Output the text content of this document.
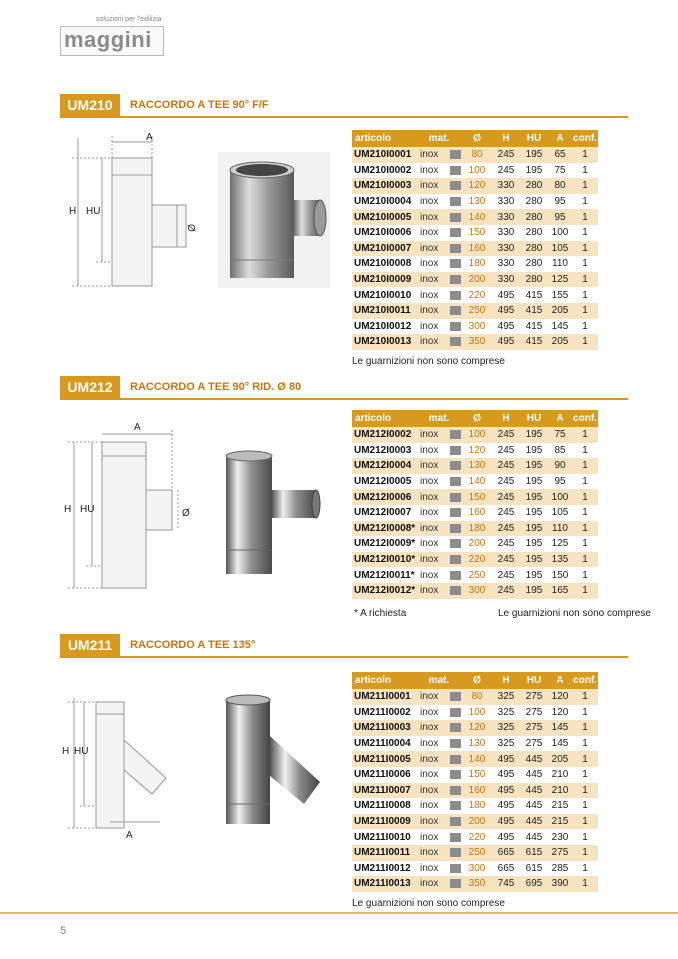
soluzioni per l'edilizia
maggini
UM210	RACCORDO A TEE 90° F/F
A
H HU
Ø
articolo	mat.	Ø	H	HU	A	conf.
UM210I0001	inox	80	245	195	65	1
UM210I0002	inox	100	245	195	75	1
UM210I0003	inox	120	330	280	80	1
UM210I0004	inox	130	330	280	95	1
UM210I0005	inox	140	330	280	95	1
UM210I0006	inox	150	330	280	100	1
UM210I0007	inox	160	330	280	105	1
UM210I0008	inox	180	330	280	110	1
UM210I0009	inox	200	330	280	125	1
UM210I0010	inox	220	495	415	155	1
UM210I0011	inox	250	495	415	205	1
UM210I0012	inox	300	495	415	145	1
UM210I0013	inox	350	495	415	205	1
Le guarnizioni non sono comprese
UM212	RACCORDO A TEE 90° RID. Ø 80
A
H HU	Ø
articolo	mat.	Ø	H	HU	A	conf.
UM212I0002	inox	100	245	195	75	1
UM212I0003	inox	120	245	195	85	1
UM212I0004	inox	130	245	195	90	1
UM212I0005	inox	140	245	195	95	1
UM212I0006	inox	150	245	195	100	1
UM212I0007	inox	160	245	195	105	1
UM212I0008*	inox	180	245	195	110	1
UM212I0009*	inox	200	245	195	125	1
UM212I0010*	inox	220	245	195	135	1
UM212I0011*	inox	250	245	195	150	1
UM212I0012*	inox	300	245	195	165	1
* A richiesta	Le guarnizioni non sono comprese
UM211	RACCORDO A TEE 135°
A
H HU
articolo	mat.	Ø	H	HU	A	conf.
UM211I0001	inox	80	325	275	120	1
UM211I0002	inox	100	325	275	120	1
UM211I0003	inox	120	325	275	145	1
UM211I0004	inox	130	325	275	145	1
UM211I0005	inox	140	495	445	205	1
UM211I0006	inox	150	495	445	210	1
UM211I0007	inox	160	495	445	210	1
UM211I0008	inox	180	495	445	215	1
UM211I0009	inox	200	495	445	215	1
UM211I0010	inox	220	495	445	230	1
UM211I0011	inox	250	665	615	275	1
UM211I0012	inox	300	665	615	285	1
UM211I0013	inox	350	745	695	390	1
Le guarnizioni non sono comprese
5
